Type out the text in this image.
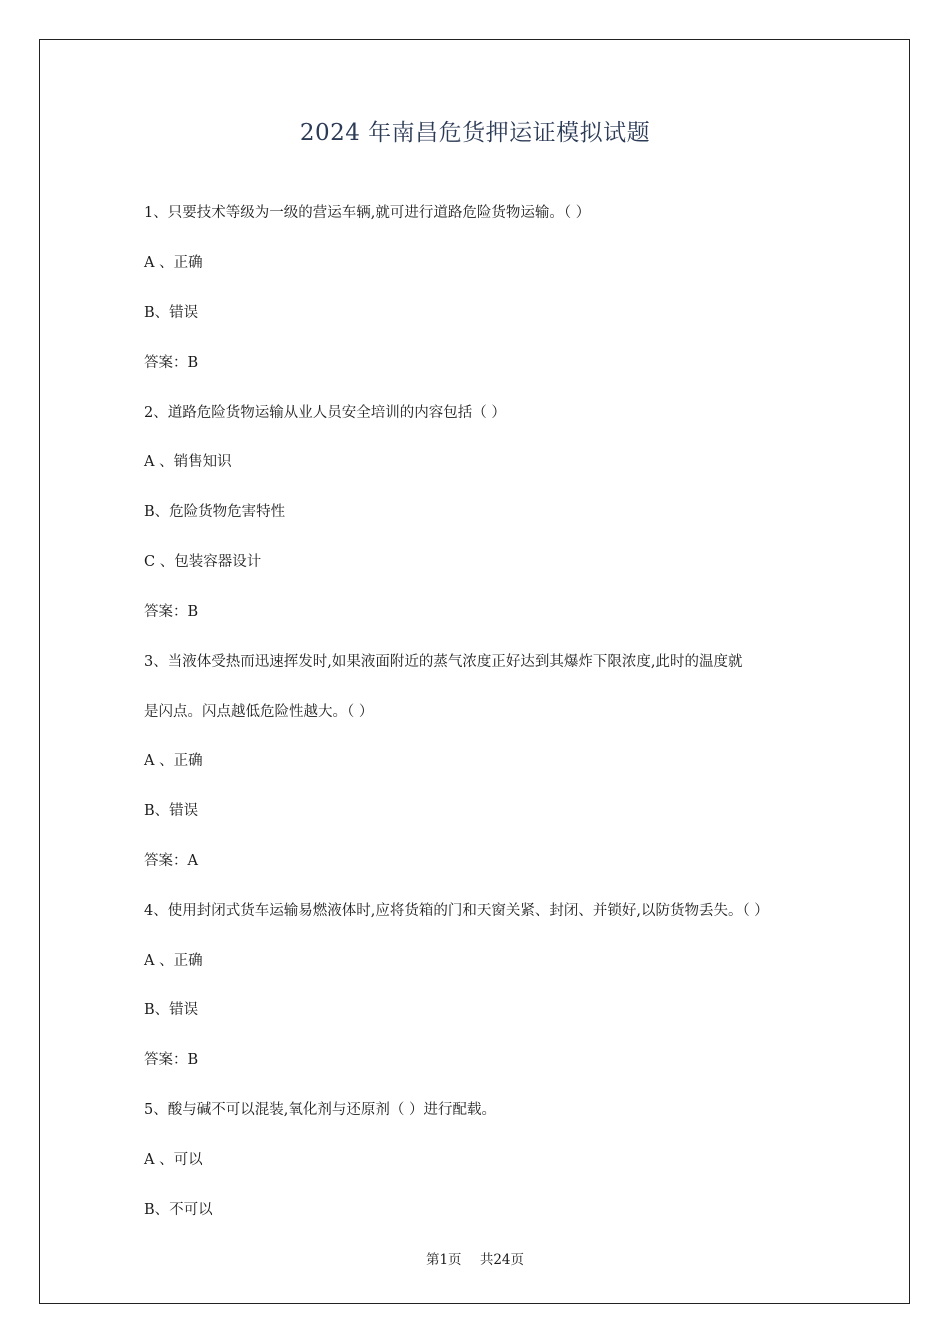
2024 年南昌危货押运证模拟试题

1、只要技术等级为一级的营运车辆,就可进行道路危险货物运输。（ ）

A 、正确

B、错误

答案：B

2、道路危险货物运输从业人员安全培训的内容包括（ ）

A 、销售知识

B、危险货物危害特性

C 、包装容器设计

答案：B

3、当液体受热而迅速挥发时,如果液面附近的蒸气浓度正好达到其爆炸下限浓度,此时的温度就

是闪点。闪点越低危险性越大。（ ）

A 、正确

B、错误

答案：A

4、使用封闭式货车运输易燃液体时,应将货箱的门和天窗关紧、封闭、并锁好,以防货物丢失。（ ）

A 、正确

B、错误

答案：B

5、酸与碱不可以混装,氧化剂与还原剂（ ）进行配载。

A 、可以

B、不可以

第1页 共24页
